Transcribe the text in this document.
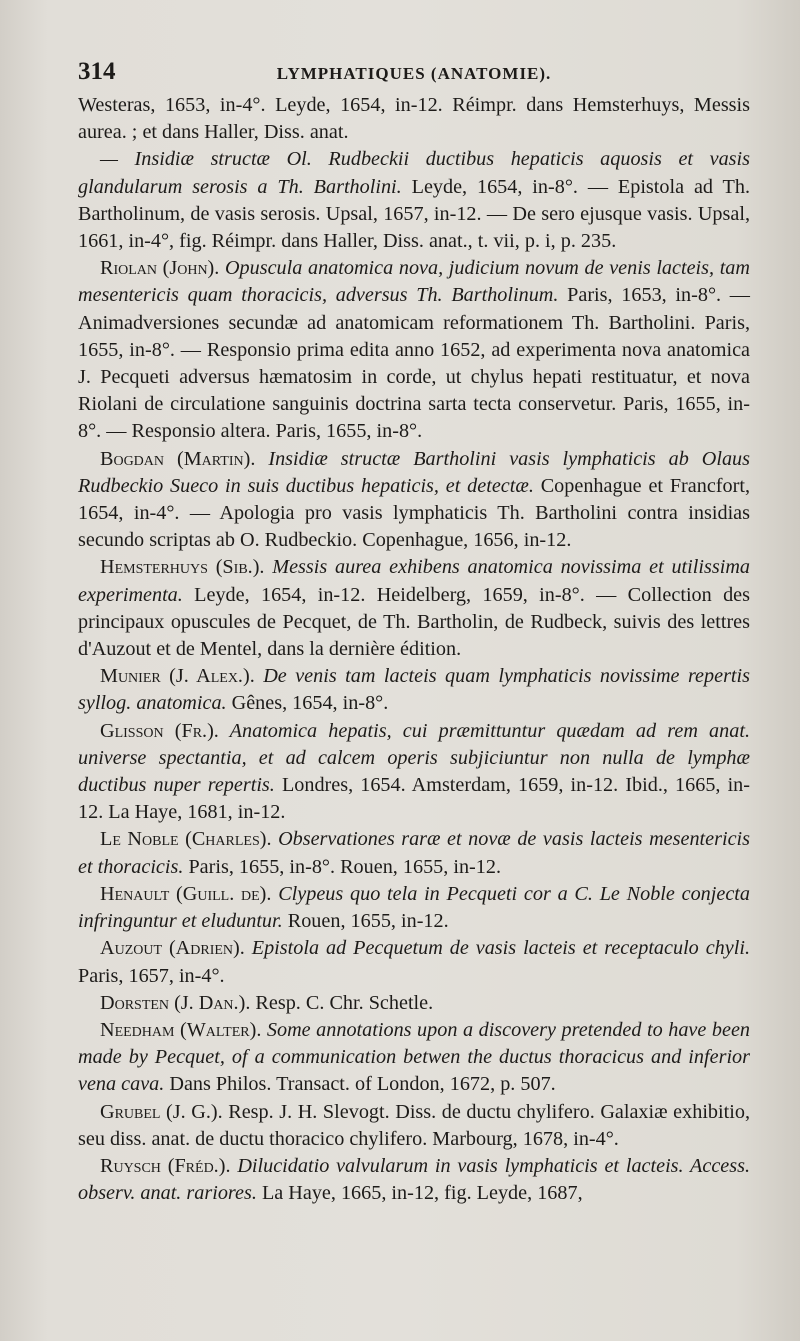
314	LYMPHATIQUES (ANATOMIE).

Westeras, 1653, in-4°. Leyde, 1654, in-12. Réimpr. dans Hemsterhuys, Messis aurea. ; et dans Haller, Diss. anat.

— Insidiæ structæ Ol. Rudbeckii ductibus hepaticis aquosis et vasis glandularum serosis a Th. Bartholini. Leyde, 1654, in-8°. — Epistola ad Th. Bartholinum, de vasis serosis. Upsal, 1657, in-12. — De sero ejusque vasis. Upsal, 1661, in-4°, fig. Réimpr. dans Haller, Diss. anat., t. vii, p. i, p. 235.

Riolan (John). Opuscula anatomica nova, judicium novum de venis lacteis, tam mesentericis quam thoracicis, adversus Th. Bartholinum. Paris, 1653, in-8°. — Animadversiones secundæ ad anatomicam reformationem Th. Bartholini. Paris, 1655, in-8°. — Responsio prima edita anno 1652, ad experimenta nova anatomica J. Pecqueti adversus hæmatosim in corde, ut chylus hepati restituatur, et nova Riolani de circulatione sanguinis doctrina sarta tecta conservetur. Paris, 1655, in-8°. — Responsio altera. Paris, 1655, in-8°.

Bogdan (Martin). Insidiæ structæ Bartholini vasis lymphaticis ab Olaus Rudbeckio Sueco in suis ductibus hepaticis, et detectæ. Copenhague et Francfort, 1654, in-4°. — Apologia pro vasis lymphaticis Th. Bartholini contra insidias secundo scriptas ab O. Rudbeckio. Copenhague, 1656, in-12.

Hemsterhuys (Sib.). Messis aurea exhibens anatomica novissima et utilissima experimenta. Leyde, 1654, in-12. Heidelberg, 1659, in-8°. — Collection des principaux opuscules de Pecquet, de Th. Bartholin, de Rudbeck, suivis des lettres d'Auzout et de Mentel, dans la dernière édition.

Munier (J. Alex.). De venis tam lacteis quam lymphaticis novissime repertis syllog. anatomica. Gênes, 1654, in-8°.

Glisson (Fr.). Anatomica hepatis, cui præmittuntur quædam ad rem anat. universe spectantia, et ad calcem operis subjiciuntur non nulla de lymphæ ductibus nuper repertis. Londres, 1654. Amsterdam, 1659, in-12. Ibid., 1665, in-12. La Haye, 1681, in-12.

Le Noble (Charles). Observationes raræ et novæ de vasis lacteis mesentericis et thoracicis. Paris, 1655, in-8°. Rouen, 1655, in-12.

Henault (Guill. de). Clypeus quo tela in Pecqueti cor a C. Le Noble conjecta infringuntur et eluduntur. Rouen, 1655, in-12.

Auzout (Adrien). Epistola ad Pecquetum de vasis lacteis et receptaculo chyli. Paris, 1657, in-4°.

Dorsten (J. Dan.). Resp. C. Chr. Schetle.

Needham (Walter). Some annotations upon a discovery pretended to have been made by Pecquet, of a communication betwen the ductus thoracicus and inferior vena cava. Dans Philos. Transact. of London, 1672, p. 507.

Grubel (J. G.). Resp. J. H. Slevogt. Diss. de ductu chylifero. Galaxiæ exhibitio, seu diss. anat. de ductu thoracico chylifero. Marbourg, 1678, in-4°.

Ruysch (Fréd.). Dilucidatio valvularum in vasis lymphaticis et lacteis. Access. observ. anat. rariores. La Haye, 1665, in-12, fig. Leyde, 1687,
